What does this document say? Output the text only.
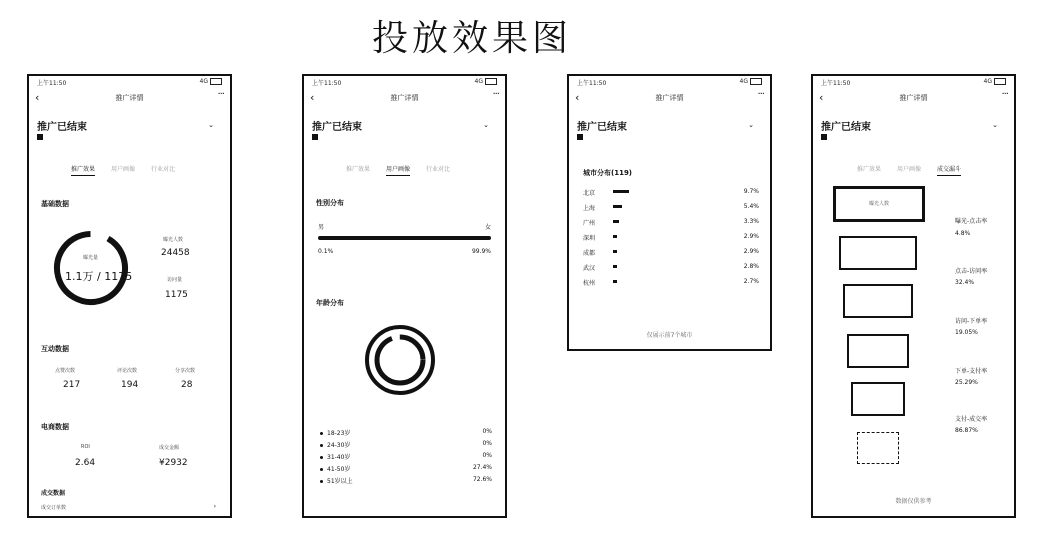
投放效果图
上午11:50	4G
‹	推广详情	···
推广已结束	⌄
推广效果	用户画像	行业对比
基础数据
曝光量
1.1万 / 1175
曝光人数
24458
访问量
1175
互动数据
点赞次数	评论次数	分享次数
217	194	28
电商数据
ROI	成交金额
2.64	¥2932
成交数据
成交订单数	›
上午11:50	4G
‹	推广详情	···
推广已结束	⌄
推广效果	用户画像	行业对比
性别分布
男	女
0.1%	99.9%
年龄分布
18-23岁	0%
24-30岁	0%
31-40岁	0%
41-50岁	27.4%
51岁以上	72.6%
上午11:50	4G
‹	推广详情	···
推广已结束	⌄
城市分布(119)
北京	9.7%
上海	5.4%
广州	3.3%
深圳	2.9%
成都	2.9%
武汉	2.8%
杭州	2.7%
仅展示前7个城市
上午11:50	4G
‹	推广详情	···
推广已结束	⌄
推广效果	用户画像	成交漏斗
曝光人数
曝光-点击率
4.8%
点击-访问率
32.4%
访问-下单率
19.05%
下单-支付率
25.29%
支付-成交率
86.87%
数据仅供参考
